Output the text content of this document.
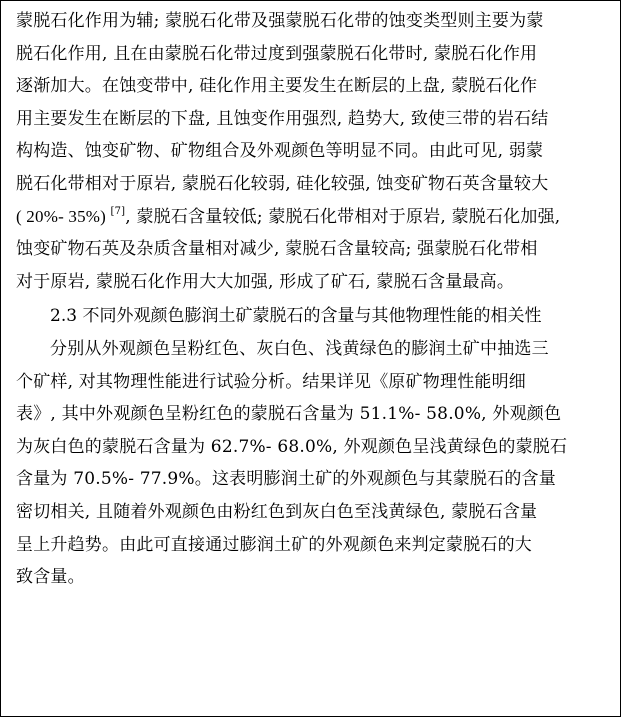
蒙脱石化作用为辅; 蒙脱石化带及强蒙脱石化带的蚀变类型则主要为蒙
脱石化作用, 且在由蒙脱石化带过度到强蒙脱石化带时, 蒙脱石化作用
逐渐加大。在蚀变带中, 硅化作用主要发生在断层的上盘, 蒙脱石化作
用主要发生在断层的下盘, 且蚀变作用强烈, 趋势大, 致使三带的岩石结
构构造、蚀变矿物、矿物组合及外观颜色等明显不同。由此可见, 弱蒙
脱石化带相对于原岩, 蒙脱石化较弱, 硅化较强, 蚀变矿物石英含量较大
( 20%- 35%) [7], 蒙脱石含量较低; 蒙脱石化带相对于原岩, 蒙脱石化加强,
蚀变矿物石英及杂质含量相对减少, 蒙脱石含量较高; 强蒙脱石化带相
对于原岩, 蒙脱石化作用大大加强, 形成了矿石, 蒙脱石含量最高。
2.3 不同外观颜色膨润土矿蒙脱石的含量与其他物理性能的相关性
分别从外观颜色呈粉红色、灰白色、浅黄绿色的膨润土矿中抽选三
个矿样, 对其物理性能进行试验分析。结果详见《原矿物理性能明细
表》, 其中外观颜色呈粉红色的蒙脱石含量为 51.1%- 58.0%, 外观颜色
为灰白色的蒙脱石含量为 62.7%- 68.0%, 外观颜色呈浅黄绿色的蒙脱石
含量为 70.5%- 77.9%。这表明膨润土矿的外观颜色与其蒙脱石的含量
密切相关, 且随着外观颜色由粉红色到灰白色至浅黄绿色, 蒙脱石含量
呈上升趋势。由此可直接通过膨润土矿的外观颜色来判定蒙脱石的大
致含量。
